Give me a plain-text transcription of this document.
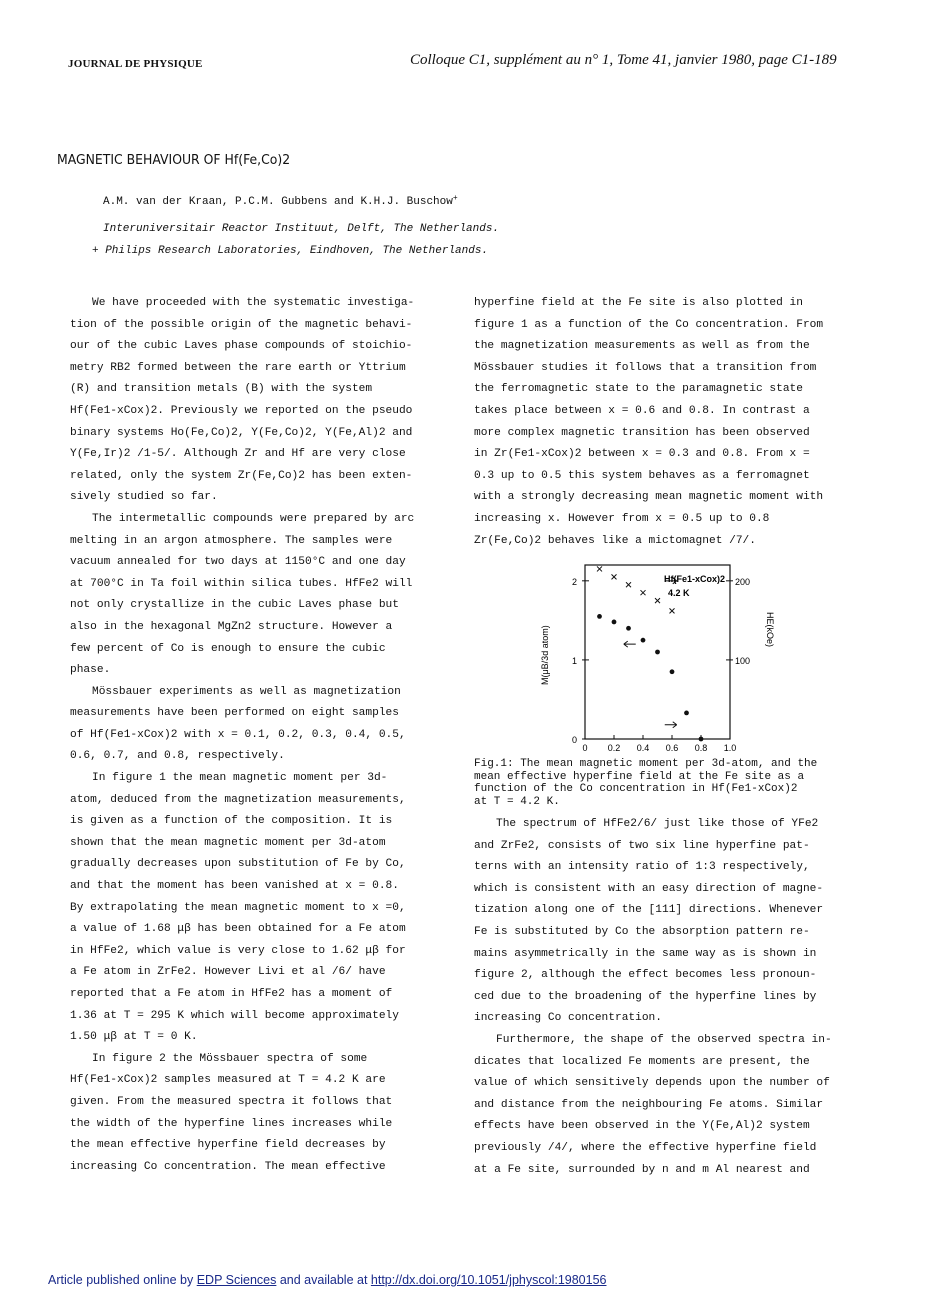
JOURNAL DE PHYSIQUE	Colloque C1, supplément au n° 1, Tome 41, janvier 1980, page C1-189
MAGNETIC BEHAVIOUR OF Hf(Fe,Co)2
A.M. van der Kraan, P.C.M. Gubbens and K.H.J. Buschow+
Interuniversitair Reactor Instituut, Delft, The Netherlands.
+ Philips Research Laboratories, Eindhoven, The Netherlands.
We have proceeded with the systematic investiga-
tion of the possible origin of the magnetic behavi-
our of the cubic Laves phase compounds of stoichio-
metry RB2 formed between the rare earth or Yttrium
(R) and transition metals (B) with the system
Hf(Fe1-xCox)2. Previously we reported on the pseudo
binary systems Ho(Fe,Co)2, Y(Fe,Co)2, Y(Fe,Al)2 and
Y(Fe,Ir)2 /1-5/. Although Zr and Hf are very close
related, only the system Zr(Fe,Co)2 has been exten-
sively studied so far.
The intermetallic compounds were prepared by arc
melting in an argon atmosphere. The samples were
vacuum annealed for two days at 1150°C and one day
at 700°C in Ta foil within silica tubes. HfFe2 will
not only crystallize in the cubic Laves phase but
also in the hexagonal MgZn2 structure. However a
few percent of Co is enough to ensure the cubic
phase.
Mössbauer experiments as well as magnetization
measurements have been performed on eight samples
of Hf(Fe1-xCox)2 with x = 0.1, 0.2, 0.3, 0.4, 0.5,
0.6, 0.7, and 0.8, respectively.
In figure 1 the mean magnetic moment per 3d-
atom, deduced from the magnetization measurements,
is given as a function of the composition. It is
shown that the mean magnetic moment per 3d-atom
gradually decreases upon substitution of Fe by Co,
and that the moment has been vanished at x = 0.8.
By extrapolating the mean magnetic moment to x =0,
a value of 1.68 μβ has been obtained for a Fe atom
in HfFe2, which value is very close to 1.62 μβ for
a Fe atom in ZrFe2. However Livi et al /6/ have
reported that a Fe atom in HfFe2 has a moment of
1.36 at T = 295 K which will become approximately
1.50 μβ at T = 0 K.
In figure 2 the Mössbauer spectra of some
Hf(Fe1-xCox)2 samples measured at T = 4.2 K are
given. From the measured spectra it follows that
the width of the hyperfine lines increases while
the mean effective hyperfine field decreases by
increasing Co concentration. The mean effective
hyperfine field at the Fe site is also plotted in
figure 1 as a function of the Co concentration. From
the magnetization measurements as well as from the
Mössbauer studies it follows that a transition from
the ferromagnetic state to the paramagnetic state
takes place between x = 0.6 and 0.8. In contrast a
more complex magnetic transition has been observed
in Zr(Fe1-xCox)2 between x = 0.3 and 0.8. From x =
0.3 up to 0.5 this system behaves as a ferromagnet
with a strongly decreasing mean magnetic moment with
increasing x. However from x = 0.5 up to 0.8
Zr(Fe,Co)2 behaves like a mictomagnet /7/.
0 0.2 0.4 0.6 0.8 1.0
0
1
2
100
200
Hf(Fe1-xCox)2
4.2 K
M(μB/3d atom)	HE(kOe)
Fig.1: The mean magnetic moment per 3d-atom, and the
mean effective hyperfine field at the Fe site as a
function of the Co concentration in Hf(Fe1-xCox)2
at T = 4.2 K.
The spectrum of HfFe2/6/ just like those of YFe2
and ZrFe2, consists of two six line hyperfine pat-
terns with an intensity ratio of 1:3 respectively,
which is consistent with an easy direction of magne-
tization along one of the [111] directions. Whenever
Fe is substituted by Co the absorption pattern re-
mains asymmetrically in the same way as is shown in
figure 2, although the effect becomes less pronoun-
ced due to the broadening of the hyperfine lines by
increasing Co concentration.
Furthermore, the shape of the observed spectra in-
dicates that localized Fe moments are present, the
value of which sensitively depends upon the number of
and distance from the neighbouring Fe atoms. Similar
effects have been observed in the Y(Fe,Al)2 system
previously /4/, where the effective hyperfine field
at a Fe site, surrounded by n and m Al nearest and
Article published online by EDP Sciences and available at http://dx.doi.org/10.1051/jphyscol:1980156
